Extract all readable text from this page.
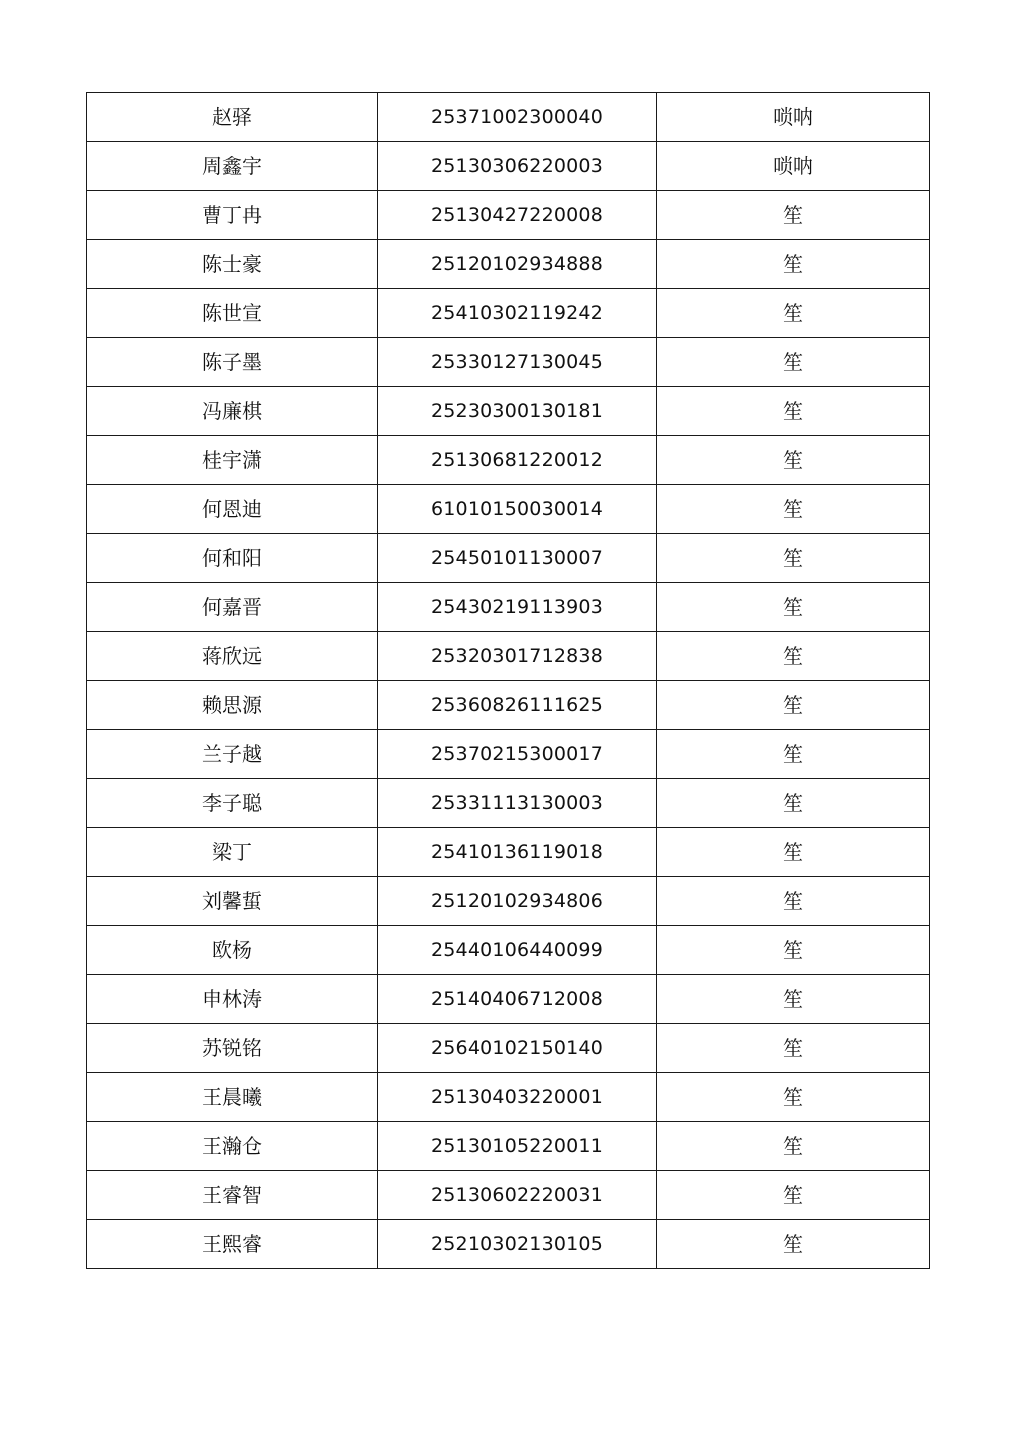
赵驿	25371002300040	唢呐
周鑫宇	25130306220003	唢呐
曹丁冉	25130427220008	笙
陈士豪	25120102934888	笙
陈世宣	25410302119242	笙
陈子墨	25330127130045	笙
冯廉棋	25230300130181	笙
桂宇潇	25130681220012	笙
何恩迪	61010150030014	笙
何和阳	25450101130007	笙
何嘉晋	25430219113903	笙
蒋欣远	25320301712838	笙
赖思源	25360826111625	笙
兰子越	25370215300017	笙
李子聪	25331113130003	笙
梁丁	25410136119018	笙
刘馨蜇	25120102934806	笙
欧杨	25440106440099	笙
申林涛	25140406712008	笙
苏锐铭	25640102150140	笙
王晨曦	25130403220001	笙
王瀚仓	25130105220011	笙
王睿智	25130602220031	笙
王熙睿	25210302130105	笙
